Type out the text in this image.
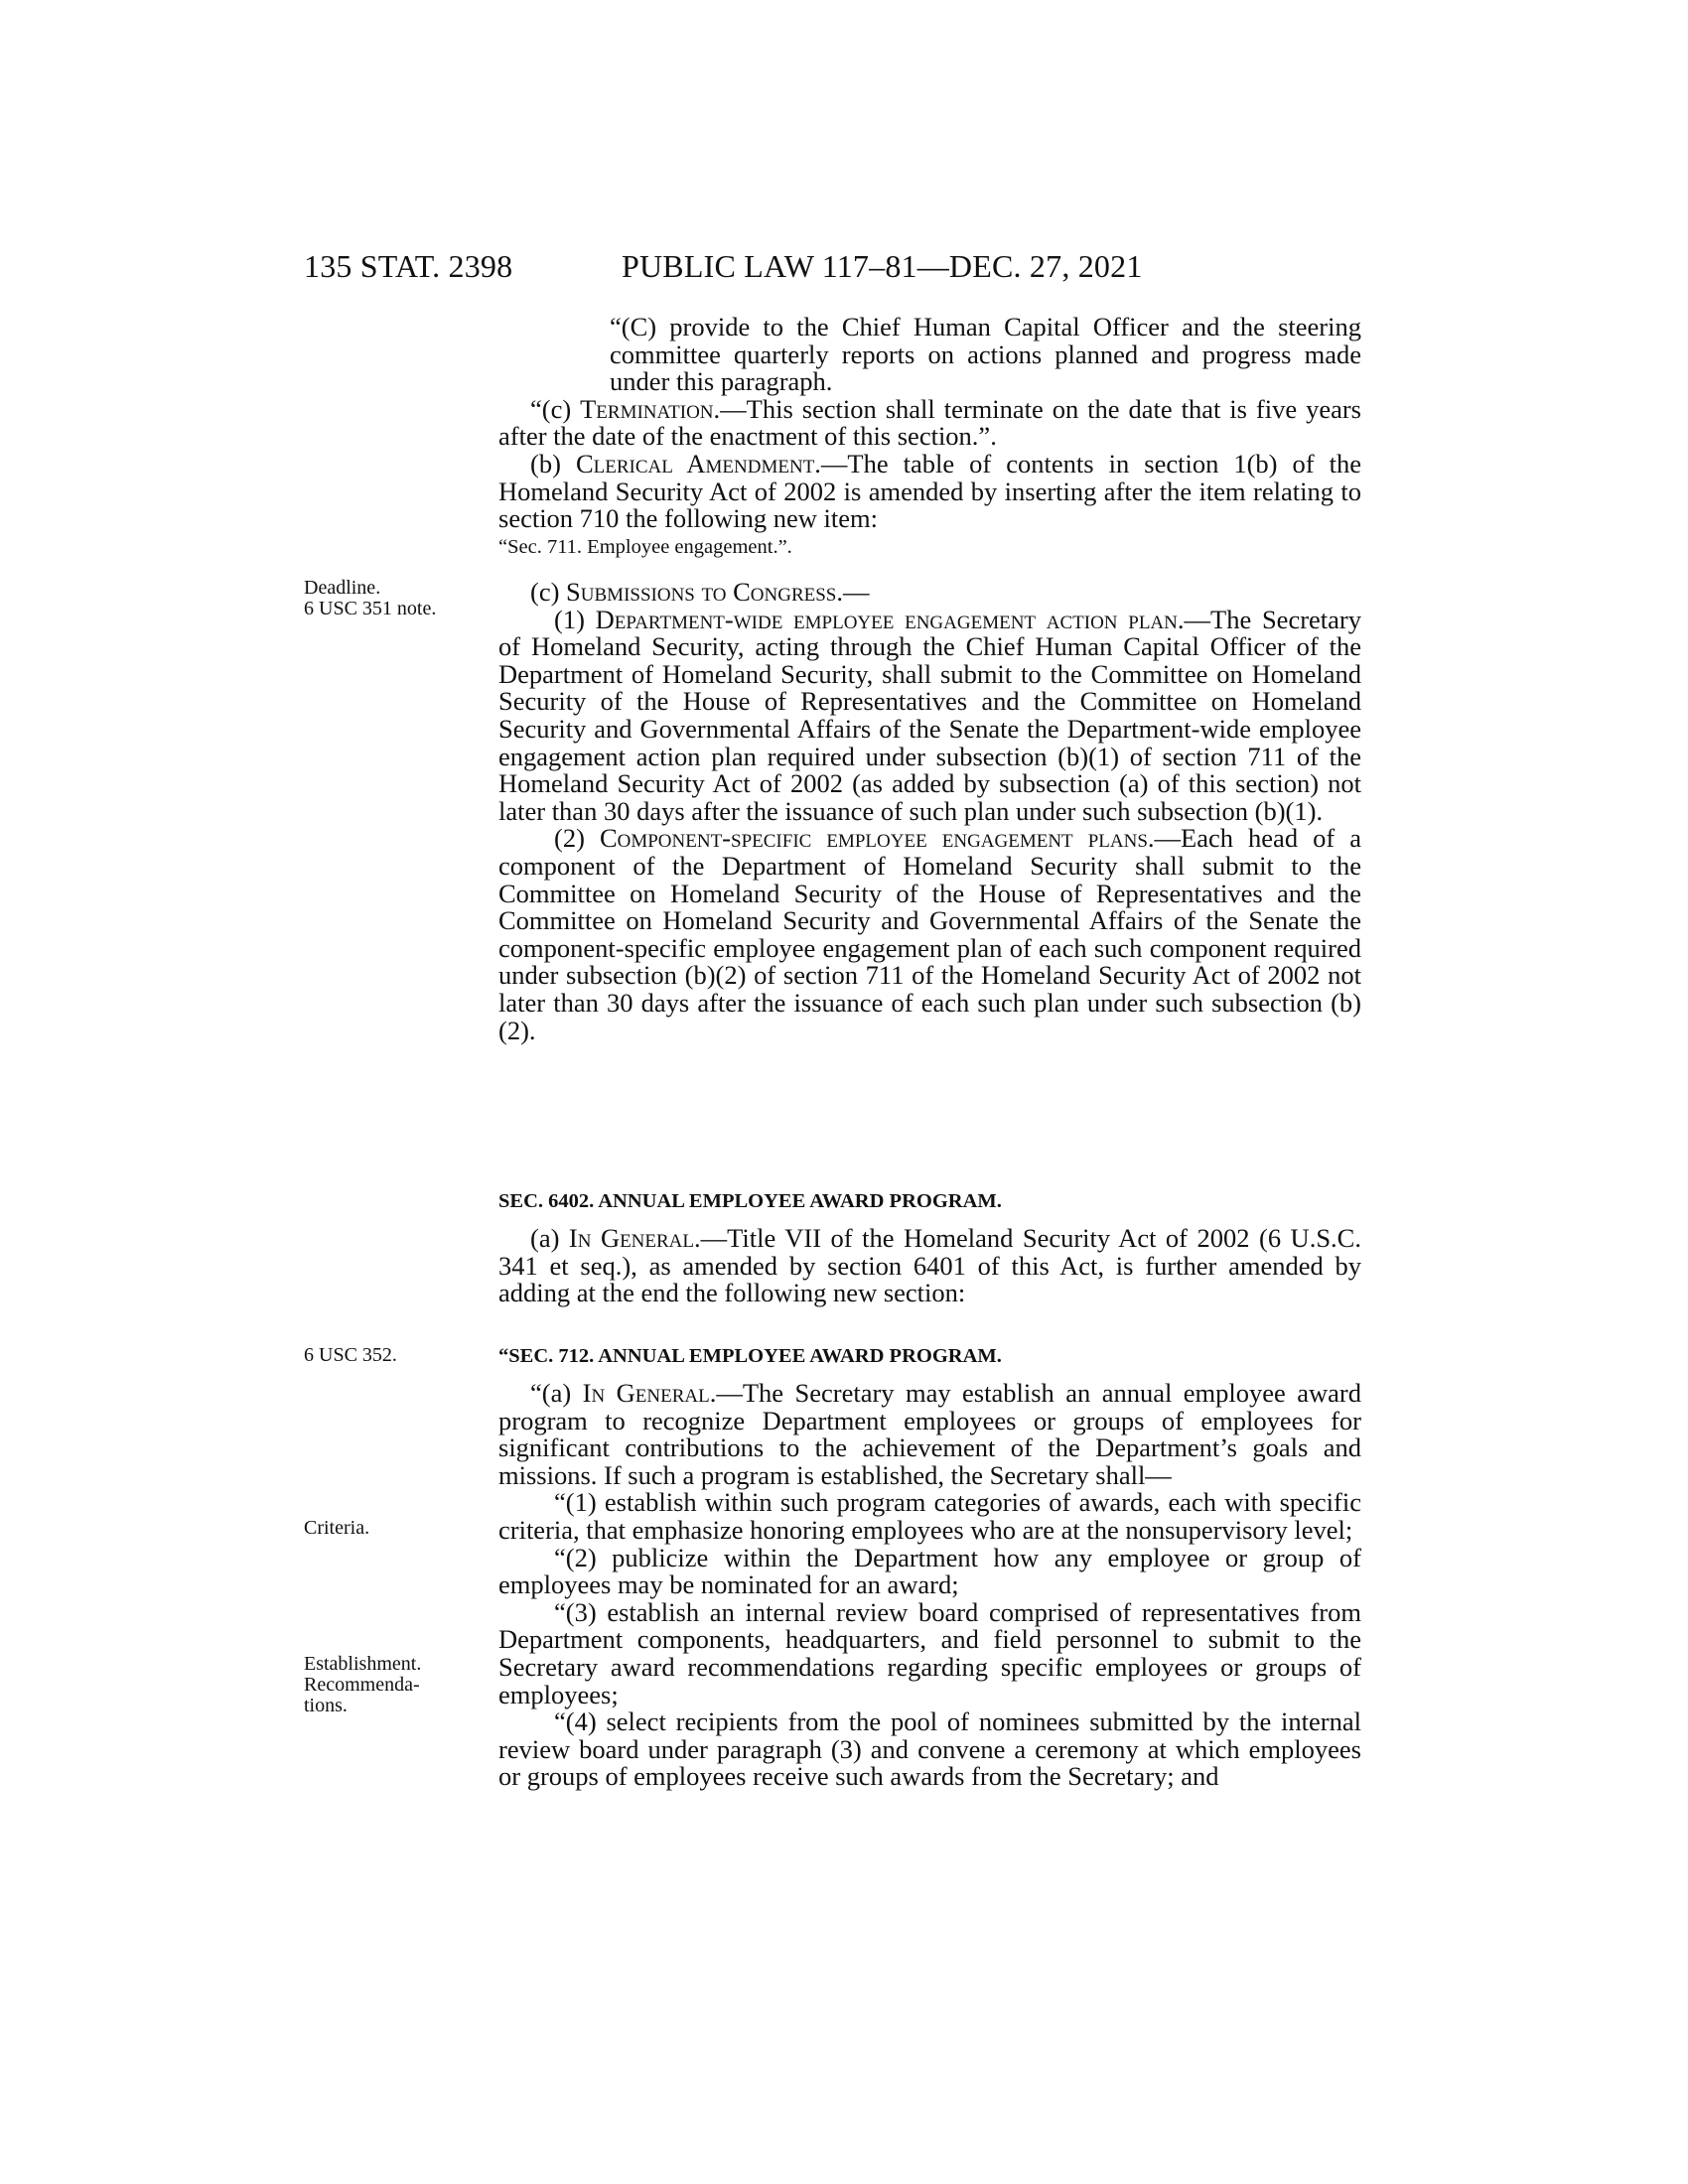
135 STAT. 2398	PUBLIC LAW 117–81—DEC. 27, 2021

“(C) provide to the Chief Human Capital Officer and the steering committee quarterly reports on actions planned and progress made under this paragraph.

“(c) Termination.—This section shall terminate on the date that is five years after the date of the enactment of this section.”.

(b) Clerical Amendment.—The table of contents in section 1(b) of the Homeland Security Act of 2002 is amended by inserting after the item relating to section 710 the following new item:

“Sec. 711. Employee engagement.”.

Deadline.
6 USC 351 note.

(c) Submissions to Congress.—

(1) Department-wide employee engagement action plan.—The Secretary of Homeland Security, acting through the Chief Human Capital Officer of the Department of Homeland Security, shall submit to the Committee on Homeland Security of the House of Representatives and the Committee on Homeland Security and Governmental Affairs of the Senate the Department-wide employee engagement action plan required under subsection (b)(1) of section 711 of the Homeland Security Act of 2002 (as added by subsection (a) of this section) not later than 30 days after the issuance of such plan under such subsection (b)(1).

(2) Component-specific employee engagement plans.—Each head of a component of the Department of Homeland Security shall submit to the Committee on Homeland Security of the House of Representatives and the Committee on Homeland Security and Governmental Affairs of the Senate the component-specific employee engagement plan of each such component required under subsection (b)(2) of section 711 of the Homeland Security Act of 2002 not later than 30 days after the issuance of each such plan under such subsection (b)(2).

SEC. 6402. ANNUAL EMPLOYEE AWARD PROGRAM.

(a) In General.—Title VII of the Homeland Security Act of 2002 (6 U.S.C. 341 et seq.), as amended by section 6401 of this Act, is further amended by adding at the end the following new section:

6 USC 352.	“SEC. 712. ANNUAL EMPLOYEE AWARD PROGRAM.

“(a) In General.—The Secretary may establish an annual employee award program to recognize Department employees or groups of employees for significant contributions to the achievement of the Department’s goals and missions. If such a program is established, the Secretary shall—

“(1) establish within such program categories of awards, each with specific criteria, that emphasize honoring employees who are at the nonsupervisory level;

“(2) publicize within the Department how any employee or group of employees may be nominated for an award;

“(3) establish an internal review board comprised of representatives from Department components, headquarters, and field personnel to submit to the Secretary award recommendations regarding specific employees or groups of employees;

“(4) select recipients from the pool of nominees submitted by the internal review board under paragraph (3) and convene a ceremony at which employees or groups of employees receive such awards from the Secretary; and

Criteria.
Establishment.
Recommenda-
tions.
